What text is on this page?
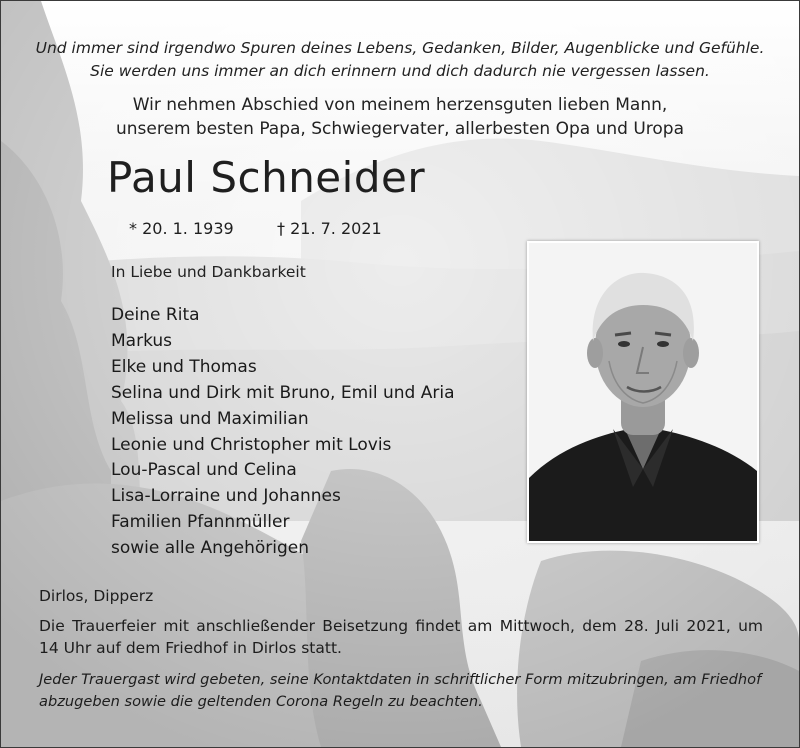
Und immer sind irgendwo Spuren deines Lebens, Gedanken, Bilder, Augenblicke und Gefühle.
Sie werden uns immer an dich erinnern und dich dadurch nie vergessen lassen.
Wir nehmen Abschied von meinem herzensguten lieben Mann,
unserem besten Papa, Schwiegervater, allerbesten Opa und Uropa
Paul Schneider
* 20. 1. 1939	† 21. 7. 2021
In Liebe und Dankbarkeit
Deine Rita
Markus
Elke und Thomas
Selina und Dirk mit Bruno, Emil und Aria
Melissa und Maximilian
Leonie und Christopher mit Lovis
Lou-Pascal und Celina
Lisa-Lorraine und Johannes
Familien Pfannmüller
sowie alle Angehörigen
Dirlos, Dipperz
Die Trauerfeier mit anschließender Beisetzung findet am Mittwoch, dem 28. Juli 2021, um
14 Uhr auf dem Friedhof in Dirlos statt.
Jeder Trauergast wird gebeten, seine Kontaktdaten in schriftlicher Form mitzubringen, am Friedhof
abzugeben sowie die geltenden Corona Regeln zu beachten.
